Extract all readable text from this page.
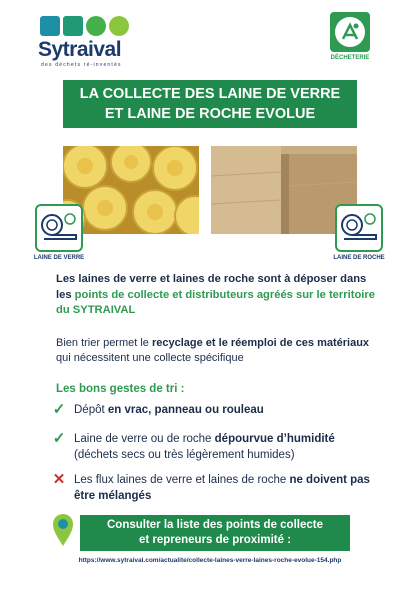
Sytraival
des déchets ré-inventés
DÉCHETERIE
LA COLLECTE DES LAINE DE VERRE
ET LAINE DE ROCHE EVOLUE
LAINE DE VERRE	LAINE DE ROCHE
Les laines de verre et laines de roche sont à déposer dans les points de collecte et distributeurs agréés sur le territoire du SYTRAIVAL
Bien trier permet le recyclage et le réemploi de ces matériaux qui nécessitent une collecte spécifique
Les bons gestes de tri :
✓ Dépôt en vrac, panneau ou rouleau
✓ Laine de verre ou de roche dépourvue d’humidité (déchets secs ou très légèrement humides)
✕ Les flux laines de verre et laines de roche ne doivent pas être mélangés
Consulter la liste des points de collecte
et repreneurs de proximité :
https://www.sytraival.com/actualite/collecte-laines-verre-laines-roche-evolue-154.php
